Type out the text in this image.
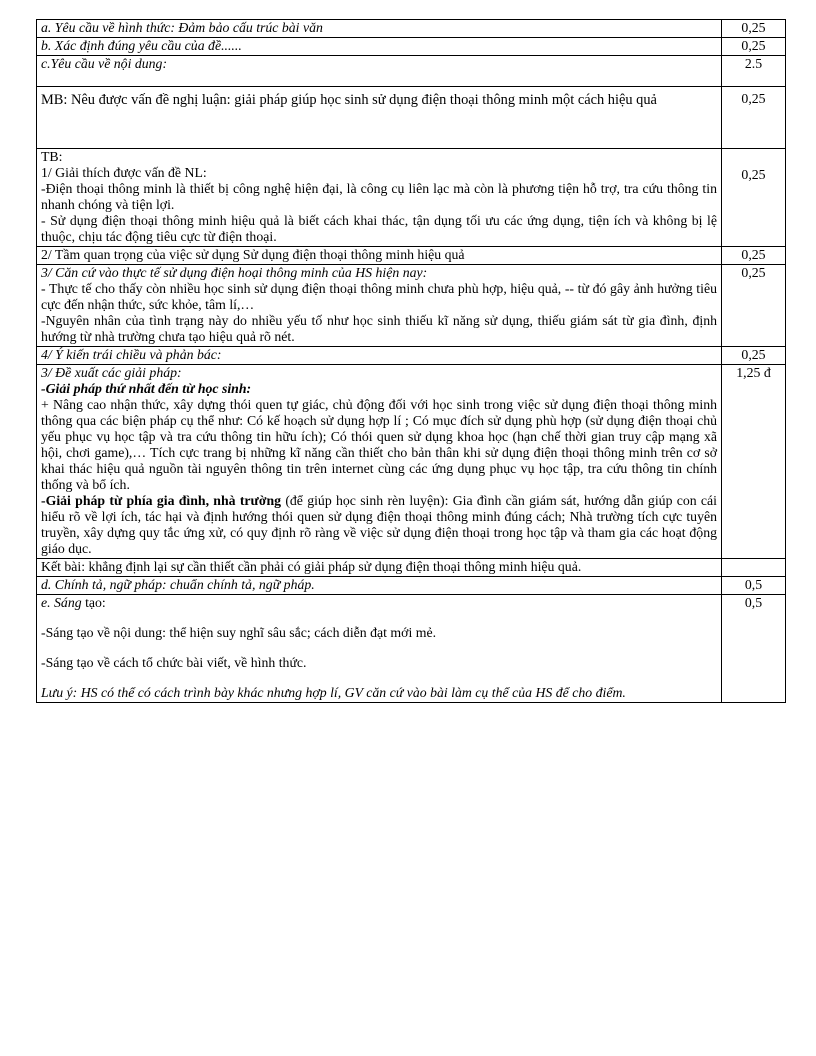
a. Yêu cầu về hình thức: Đảm bảo cấu trúc bài văn	0,25
b. Xác định đúng yêu cầu của đề......	0,25
c.Yêu cầu về nội dung:	2.5
MB: Nêu được vấn đề nghị luận: giải pháp giúp học sinh sử dụng điện thoại thông minh một cách hiệu quả	0,25

TB:

1/ Giải thích được vấn đề NL:

-Điện thoại thông minh là thiết bị công nghệ hiện đại, là công cụ liên lạc mà còn là phương tiện hỗ trợ, tra cứu thông tin nhanh chóng và tiện lợi.

- Sử dụng điện thoại thông minh hiệu quả là biết cách khai thác, tận dụng tối ưu các ứng dụng, tiện ích và không bị lệ thuộc, chịu tác động tiêu cực từ điện thoại.	0,25
2/ Tầm quan trọng của việc sử dụng Sử dụng điện thoại thông minh hiệu quả	0,25

3/ Căn cứ vào thực tế sử dụng điện hoại thông minh của HS hiện nay:

- Thực tế cho thấy còn nhiều học sinh sử dụng điện thoại thông minh chưa phù hợp, hiệu quả, -- từ đó gây ảnh hưởng tiêu cực đến nhận thức, sức khỏe, tâm lí,…

-Nguyên nhân của tình trạng này do nhiều yếu tố như học sinh thiếu kĩ năng sử dụng, thiếu giám sát từ gia đình, định hướng từ nhà trường chưa tạo hiệu quả rõ nét.	0,25
4/ Ý kiến trái chiều và phản bác:	0,25

3/ Đề xuất các giải pháp:

-Giải pháp thứ nhất đến từ học sinh:

+ Nâng cao nhận thức, xây dựng thói quen tự giác, chủ động đối với học sinh trong việc sử dụng điện thoại thông minh thông qua các biện pháp cụ thể như: Có kế hoạch sử dụng hợp lí ; Có mục đích sử dụng phù hợp (sử dụng điện thoại chủ yếu phục vụ học tập và tra cứu thông tin hữu ích); Có thói quen sử dụng khoa học (hạn chế thời gian truy cập mạng xã hội, chơi game),… Tích cực trang bị những kĩ năng cần thiết cho bản thân khi sử dụng điện thoại thông minh trên cơ sở khai thác hiệu quả nguồn tài nguyên thông tin trên internet cùng các ứng dụng phục vụ học tập, tra cứu thông tin chính thống và bổ ích.

-Giải pháp từ phía gia đình, nhà trường (để giúp học sinh rèn luyện): Gia đình cần giám sát, hướng dẫn giúp con cái hiểu rõ về lợi ích, tác hại và định hướng thói quen sử dụng điện thoại thông minh đúng cách; Nhà trường tích cực tuyên truyền, xây dựng quy tắc ứng xử, có quy định rõ ràng về việc sử dụng điện thoại trong học tập và tham gia các hoạt động giáo dục.	1,25 đ
Kết bài: khẳng định lại sự cần thiết cần phải có giải pháp sử dụng điện thoại thông minh hiệu quả.	
d. Chính tả, ngữ pháp: chuẩn chính tả, ngữ pháp.	0,5

e. Sáng tạo:

-Sáng tạo về nội dung: thể hiện suy nghĩ sâu sắc; cách diễn đạt mới mẻ.

-Sáng tạo về cách tổ chức bài viết, về hình thức.

Lưu ý: HS có thể có cách trình bày khác nhưng hợp lí, GV căn cứ vào bài làm cụ thể của HS để cho điểm.	0,5
